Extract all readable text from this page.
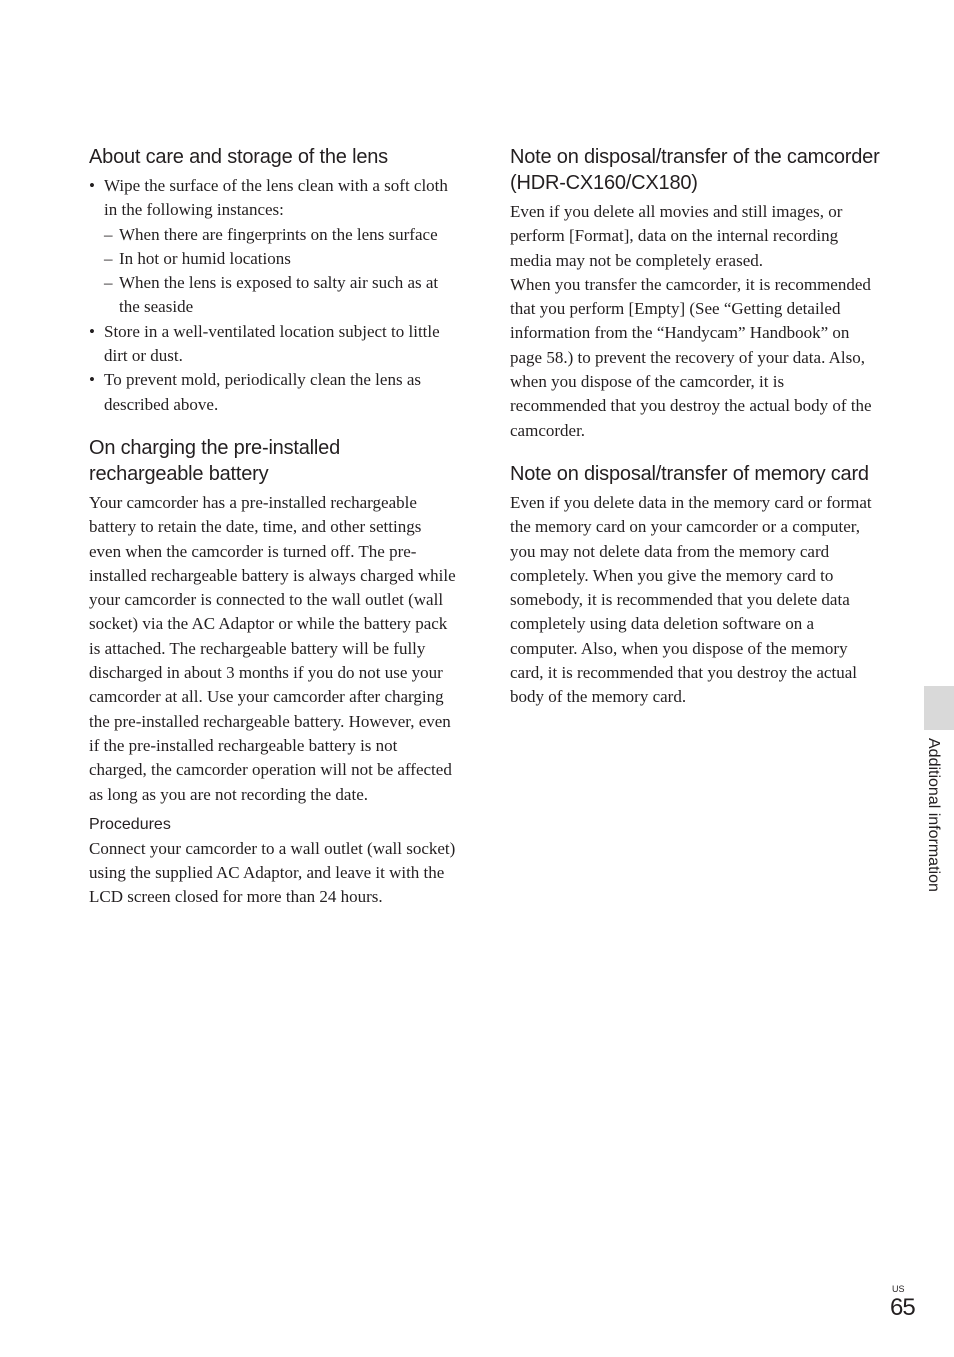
About care and storage of the lens
• Wipe the surface of the lens clean with a soft cloth in the following instances:
– When there are fingerprints on the lens surface
– In hot or humid locations
– When the lens is exposed to salty air such as at the seaside
• Store in a well-ventilated location subject to little dirt or dust.
• To prevent mold, periodically clean the lens as described above.
On charging the pre-installed rechargeable battery

Your camcorder has a pre-installed rechargeable battery to retain the date, time, and other settings even when the camcorder is turned off. The pre-installed rechargeable battery is always charged while your camcorder is connected to the wall outlet (wall socket) via the AC Adaptor or while the battery pack is attached. The rechargeable battery will be fully discharged in about 3 months if you do not use your camcorder at all. Use your camcorder after charging the pre-installed rechargeable battery. However, even if the pre-installed rechargeable battery is not charged, the camcorder operation will not be affected as long as you are not recording the date.

Procedures

Connect your camcorder to a wall outlet (wall socket) using the supplied AC Adaptor, and leave it with the LCD screen closed for more than 24 hours.

Note on disposal/transfer of the camcorder (HDR-CX160/CX180)

Even if you delete all movies and still images, or perform [Format], data on the internal recording media may not be completely erased.

When you transfer the camcorder, it is recommended that you perform [Empty] (See “Getting detailed information from the “Handycam” Handbook” on page 58.) to prevent the recovery of your data. Also, when you dispose of the camcorder, it is recommended that you destroy the actual body of the camcorder.

Note on disposal/transfer of memory card

Even if you delete data in the memory card or format the memory card on your camcorder or a computer, you may not delete data from the memory card completely. When you give the memory card to somebody, it is recommended that you delete data completely using data deletion software on a computer. Also, when you dispose of the memory card, it is recommended that you destroy the actual body of the memory card.

Additional information
US
65
